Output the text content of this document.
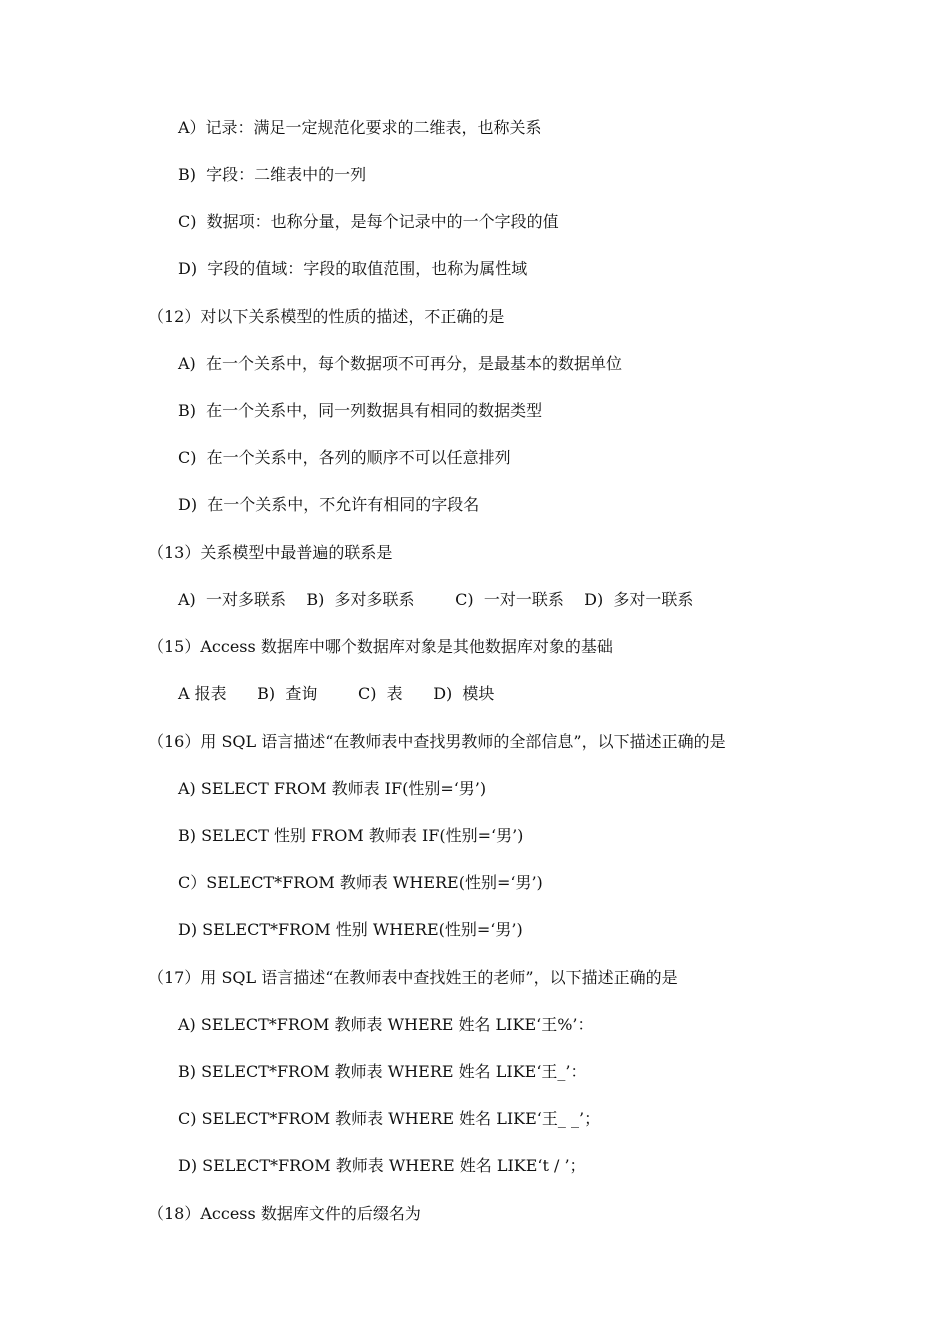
A）记录：满足一定规范化要求的二维表，也称关系

B)  字段：二维表中的一列

C)  数据项：也称分量，是每个记录中的一个字段的值

D)  字段的值域：字段的取值范围，也称为属性域

（12）对以下关系模型的性质的描述，不正确的是

A)  在一个关系中，每个数据项不可再分，是最基本的数据单位

B)  在一个关系中，同一列数据具有相同的数据类型

C)  在一个关系中，各列的顺序不可以任意排列

D)  在一个关系中，不允许有相同的字段名

（13）关系模型中最普遍的联系是

A)  一对多联系    B)  多对多联系        C)  一对一联系    D)  多对一联系

（15）Access 数据库中哪个数据库对象是其他数据库对象的基础

A 报表      B)  查询        C)  表      D)  模块

（16）用 SQL 语言描述“在教师表中查找男教师的全部信息”，以下描述正确的是

A) SELECT FROM 教师表 IF(性别=‘男’)

B) SELECT 性别 FROM 教师表 IF(性别=‘男’)

C）SELECT*FROM 教师表 WHERE(性别=‘男’)

D) SELECT*FROM 性别 WHERE(性别=‘男’)

（17）用 SQL 语言描述“在教师表中查找姓王的老师”，以下描述正确的是

A) SELECT*FROM 教师表 WHERE 姓名 LIKE‘王%’：

B) SELECT*FROM 教师表 WHERE 姓名 LIKE‘王_’：

C) SELECT*FROM 教师表 WHERE 姓名 LIKE‘王_ _’；

D) SELECT*FROM 教师表 WHERE 姓名 LIKE‘t / ’；

（18）Access 数据库文件的后缀名为
